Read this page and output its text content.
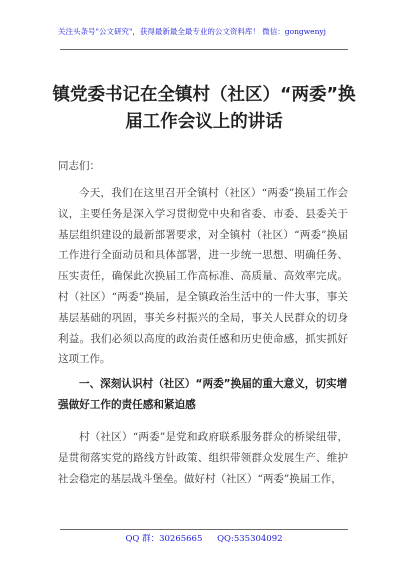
关注头条号"公文研究"，获得最新最全最专业的公文资料库！ 微信：gongwenyj
镇党委书记在全镇村（社区）“两委”换届工作会议上的讲话
同志们：
今天，我们在这里召开全镇村（社区）“两委”换届工作会议，主要任务是深入学习贯彻党中央和省委、市委、县委关于基层组织建设的最新部署要求，对全镇村（社区）“两委”换届工作进行全面动员和具体部署，进一步统一思想、明确任务、压实责任，确保此次换届工作高标准、高质量、高效率完成。村（社区）“两委”换届，是全镇政治生活中的一件大事，事关基层基础的巩固，事关乡村振兴的全局，事关人民群众的切身利益。我们必须以高度的政治责任感和历史使命感，抓实抓好这项工作。
一、深刻认识村（社区）“两委”换届的重大意义，切实增强做好工作的责任感和紧迫感
村（社区）“两委”是党和政府联系服务群众的桥梁纽带，是贯彻落实党的路线方针政策、组织带领群众发展生产、维护社会稳定的基层战斗堡垒。做好村（社区）“两委”换届工作，
QQ 群：30265665 QQ:535304092
